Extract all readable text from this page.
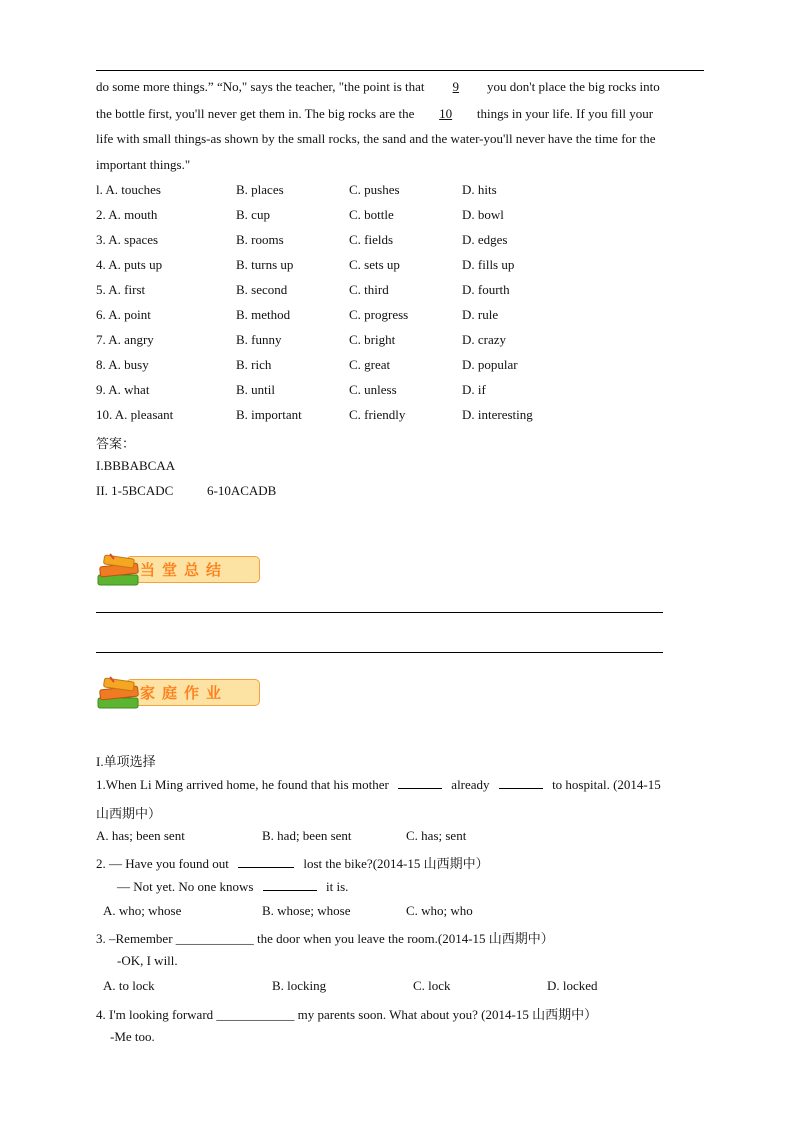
do some more things.” “No," says the teacher, "the point is that 9 you don't place the big rocks into
the bottle first, you'll never get them in. The big rocks are the 10 things in your life. If you fill your
life with small things-as shown by the small rocks, the sand and the water-you'll never have the time for the
important things."
l. A. touches	B. places	C. pushes	D. hits
2. A. mouth	B. cup	C. bottle	D. bowl
3. A. spaces	B. rooms	C. fields	D. edges
4. A. puts up	B. turns up	C. sets up	D. fills up
5. A. first	B. second	C. third	D. fourth
6. A. point	B. method	C. progress	D. rule
7. A. angry	B. funny	C. bright	D. crazy
8. A. busy	B. rich	C. great	D. popular
9. A. what	B. until	C. unless	D. if
10. A. pleasant	B. important	C. friendly	D. interesting
答案：
I.BBBABCAA
II. 1-5BCADC	6-10ACADB
当堂总结
家庭作业
I.单项选择
1.When Li Ming arrived home, he found that his mother	already	to hospital. (2014-15
山西期中）
A. has; been sent	B. had; been sent	C. has; sent
2. — Have you found out	lost the bike?(2014-15 山西期中）
— Not yet. No one knows	it is.
A. who; whose	B. whose; whose	C. who; who
3. –Remember ____________ the door when you leave the room.(2014-15 山西期中）
-OK, I will.
A. to lock	B. locking	C. lock	D. locked
4. I'm looking forward ____________ my parents soon. What about you? (2014-15 山西期中）
-Me too.
